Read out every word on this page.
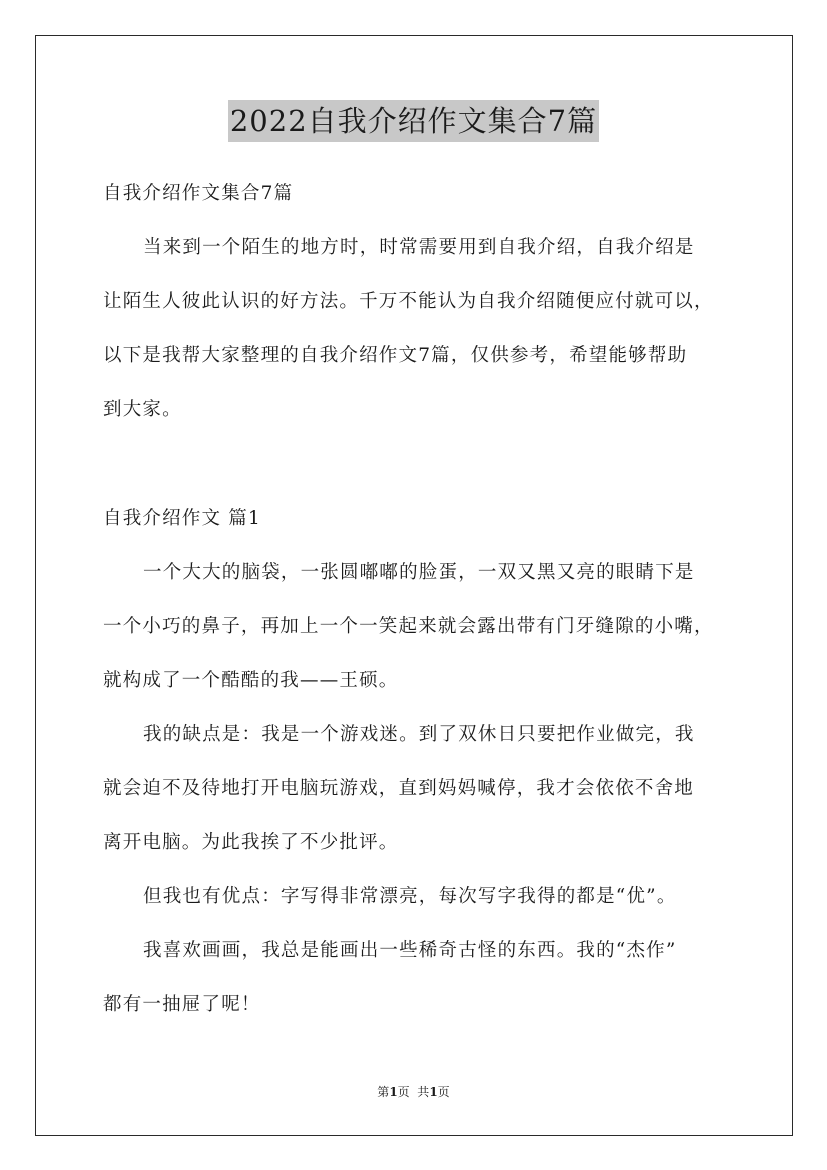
2022自我介绍作文集合7篇
自我介绍作文集合7篇
当来到一个陌生的地方时，时常需要用到自我介绍，自我介绍是
让陌生人彼此认识的好方法。千万不能认为自我介绍随便应付就可以，
以下是我帮大家整理的自我介绍作文7篇，仅供参考，希望能够帮助
到大家。
自我介绍作文 篇1
一个大大的脑袋，一张圆嘟嘟的脸蛋，一双又黑又亮的眼睛下是
一个小巧的鼻子，再加上一个一笑起来就会露出带有门牙缝隙的小嘴，
就构成了一个酷酷的我——王硕。
我的缺点是：我是一个游戏迷。到了双休日只要把作业做完，我
就会迫不及待地打开电脑玩游戏，直到妈妈喊停，我才会依依不舍地
离开电脑。为此我挨了不少批评。
但我也有优点：字写得非常漂亮，每次写字我得的都是“优”。
我喜欢画画，我总是能画出一些稀奇古怪的东西。我的“杰作”
都有一抽屉了呢！
第1页  共1页
